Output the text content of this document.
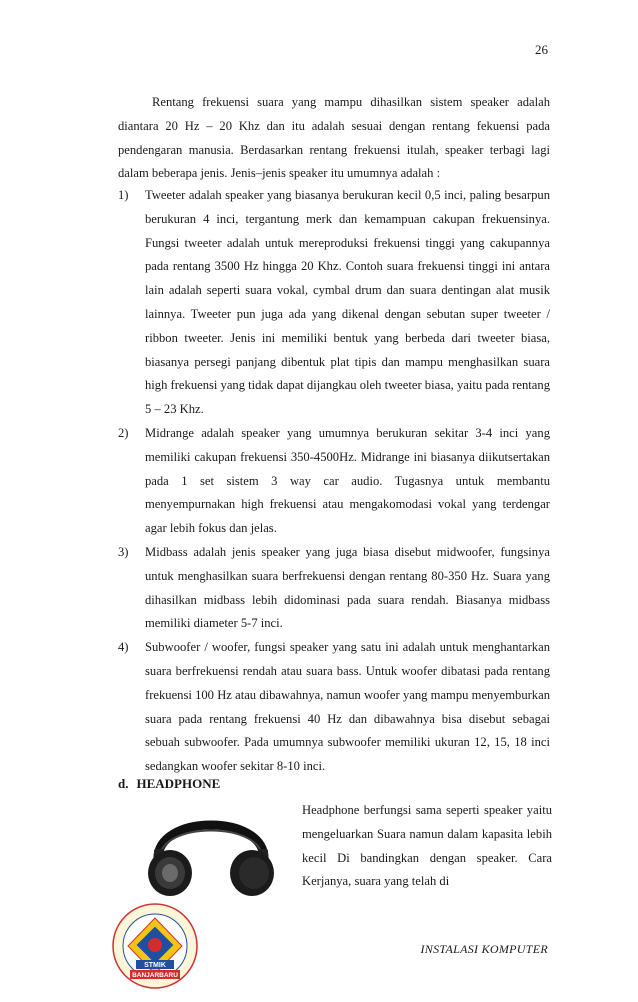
26

Rentang frekuensi suara yang mampu dihasilkan sistem speaker adalah diantara 20 Hz – 20 Khz dan itu adalah sesuai dengan rentang fekuensi pada pendengaran manusia. Berdasarkan rentang frekuensi itulah, speaker terbagi lagi dalam beberapa jenis. Jenis–jenis speaker itu umumnya adalah :

1) Tweeter adalah speaker yang biasanya berukuran kecil 0,5 inci, paling besarpun berukuran 4 inci, tergantung merk dan kemampuan cakupan frekuensinya. Fungsi tweeter adalah untuk mereproduksi frekuensi tinggi yang cakupannya pada rentang 3500 Hz hingga 20 Khz. Contoh suara frekuensi tinggi ini antara lain adalah seperti suara vokal, cymbal drum dan suara dentingan alat musik lainnya. Tweeter pun juga ada yang dikenal dengan sebutan super tweeter / ribbon tweeter. Jenis ini memiliki bentuk yang berbeda dari tweeter biasa, biasanya persegi panjang dibentuk plat tipis dan mampu menghasilkan suara high frekuensi yang tidak dapat dijangkau oleh tweeter biasa, yaitu pada rentang 5 – 23 Khz.

2) Midrange adalah speaker yang umumnya berukuran sekitar 3-4 inci yang memiliki cakupan frekuensi 350-4500Hz. Midrange ini biasanya diikutsertakan pada 1 set sistem 3 way car audio. Tugasnya untuk membantu menyempurnakan high frekuensi atau mengakomodasi vokal yang terdengar agar lebih fokus dan jelas.

3) Midbass adalah jenis speaker yang juga biasa disebut midwoofer, fungsinya untuk menghasilkan suara berfrekuensi dengan rentang 80-350 Hz. Suara yang dihasilkan midbass lebih didominasi pada suara rendah. Biasanya midbass memiliki diameter 5-7 inci.

4) Subwoofer / woofer, fungsi speaker yang satu ini adalah untuk menghantarkan suara berfrekuensi rendah atau suara bass. Untuk woofer dibatasi pada rentang frekuensi 100 Hz atau dibawahnya, namun woofer yang mampu menyemburkan suara pada rentang frekuensi 40 Hz dan dibawahnya bisa disebut sebagai sebuah subwoofer. Pada umumnya subwoofer memiliki ukuran 12, 15, 18 inci sedangkan woofer sekitar 8-10 inci.

d. HEADPHONE

Headphone berfungsi sama seperti speaker yaitu mengeluarkan Suara namun dalam kapasita lebih kecil Di bandingkan dengan speaker. Cara Kerjanya, suara yang telah di

STMIK
BANJARBARU
INSTALASI KOMPUTER
